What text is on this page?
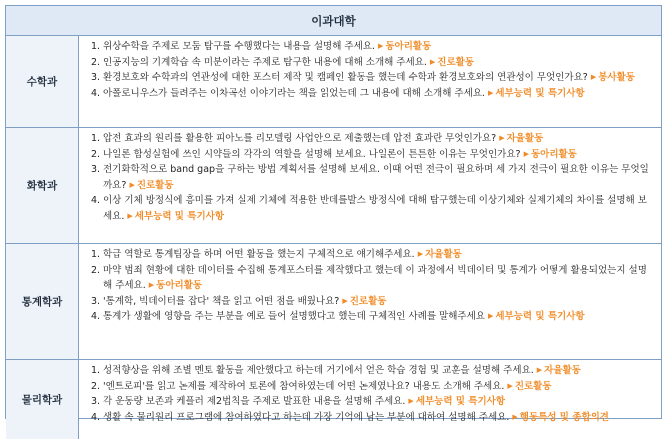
이과대학
수학과
1. 위상수학을 주제로 모둠 탐구를 수행했다는 내용을 설명해 주세요. ▶ 동아리활동
2. 인공지능의 기계학습 속 미분이라는 주제로 탐구한 내용에 대해 소개해 주세요. ▶ 진로활동
3. 환경보호와 수학과의 연관성에 대한 포스터 제작 및 캠페인 활동을 했는데 수학과 환경보호와의 연관성이 무엇인가요? ▶ 봉사활동
4. 아폴로니우스가 들려주는 이차곡선 이야기라는 책을 읽었는데 그 내용에 대해 소개해 주세요. ▶ 세부능력 및 특기사항
화학과
1. 압전 효과의 원리를 활용한 피아노를 리모델링 사업안으로 제출했는데 압전 효과란 무엇인가요? ▶ 자율활동
2. 나일론 합성실험에 쓰인 시약들의 각각의 역할을 설명해 보세요. 나일론이 튼튼한 이유는 무엇인가요? ▶ 동아리활동
3. 전기화학적으로 band gap을 구하는 방법 계획서를 설명해 보세요. 이때 어떤 전극이 필요하며 세 가지 전극이 필요한 이유는 무엇일까요? ▶ 진로활동
4. 이상 기체 방정식에 흥미를 가져 실제 기체에 적용한 반데를발스 방정식에 대해 탐구했는데 이상기체와 실제기체의 차이를 설명해 보세요. ▶ 세부능력 및 특기사항
통계학과
1. 학급 역할로 통계팀장을 하며 어떤 활동을 했는지 구체적으로 얘기해주세요. ▶ 자율활동
2. 마약 범죄 현황에 대한 데이터를 수집해 통계포스터를 제작했다고 했는데 이 과정에서 빅데이터 및 통계가 어떻게 활용되었는지 설명해 주세요. ▶ 동아리활동
3. '통계학, 빅데이터를 잡다' 책을 읽고 어떤 점을 배웠나요? ▶ 진로활동
4. 통계가 생활에 영향을 주는 부분을 예로 들어 설명했다고 했는데 구체적인 사례를 말해주세요 ▶ 세부능력 및 특기사항
물리학과
1. 성적향상을 위해 조별 멘토 활동을 제안했다고 하는데 거기에서 얻은 학습 경험 및 교훈을 설명해 주세요. ▶ 자율활동
2. '엔트로피'를 읽고 논제를 제작하여 토론에 참여하였는데 어떤 논제였나요? 내용도 소개해 주세요. ▶ 진로활동
3. 각 운동량 보존과 케플러 제2법칙을 주제로 발표한 내용을 설명해 주세요. ▶ 세부능력 및 특기사항
4. 생활 속 물리원리 프로그램에 참여하였다고 하는데 가장 기억에 남는 부분에 대하여 설명해 주세요. ▶ 행동특성 및 종합의견
